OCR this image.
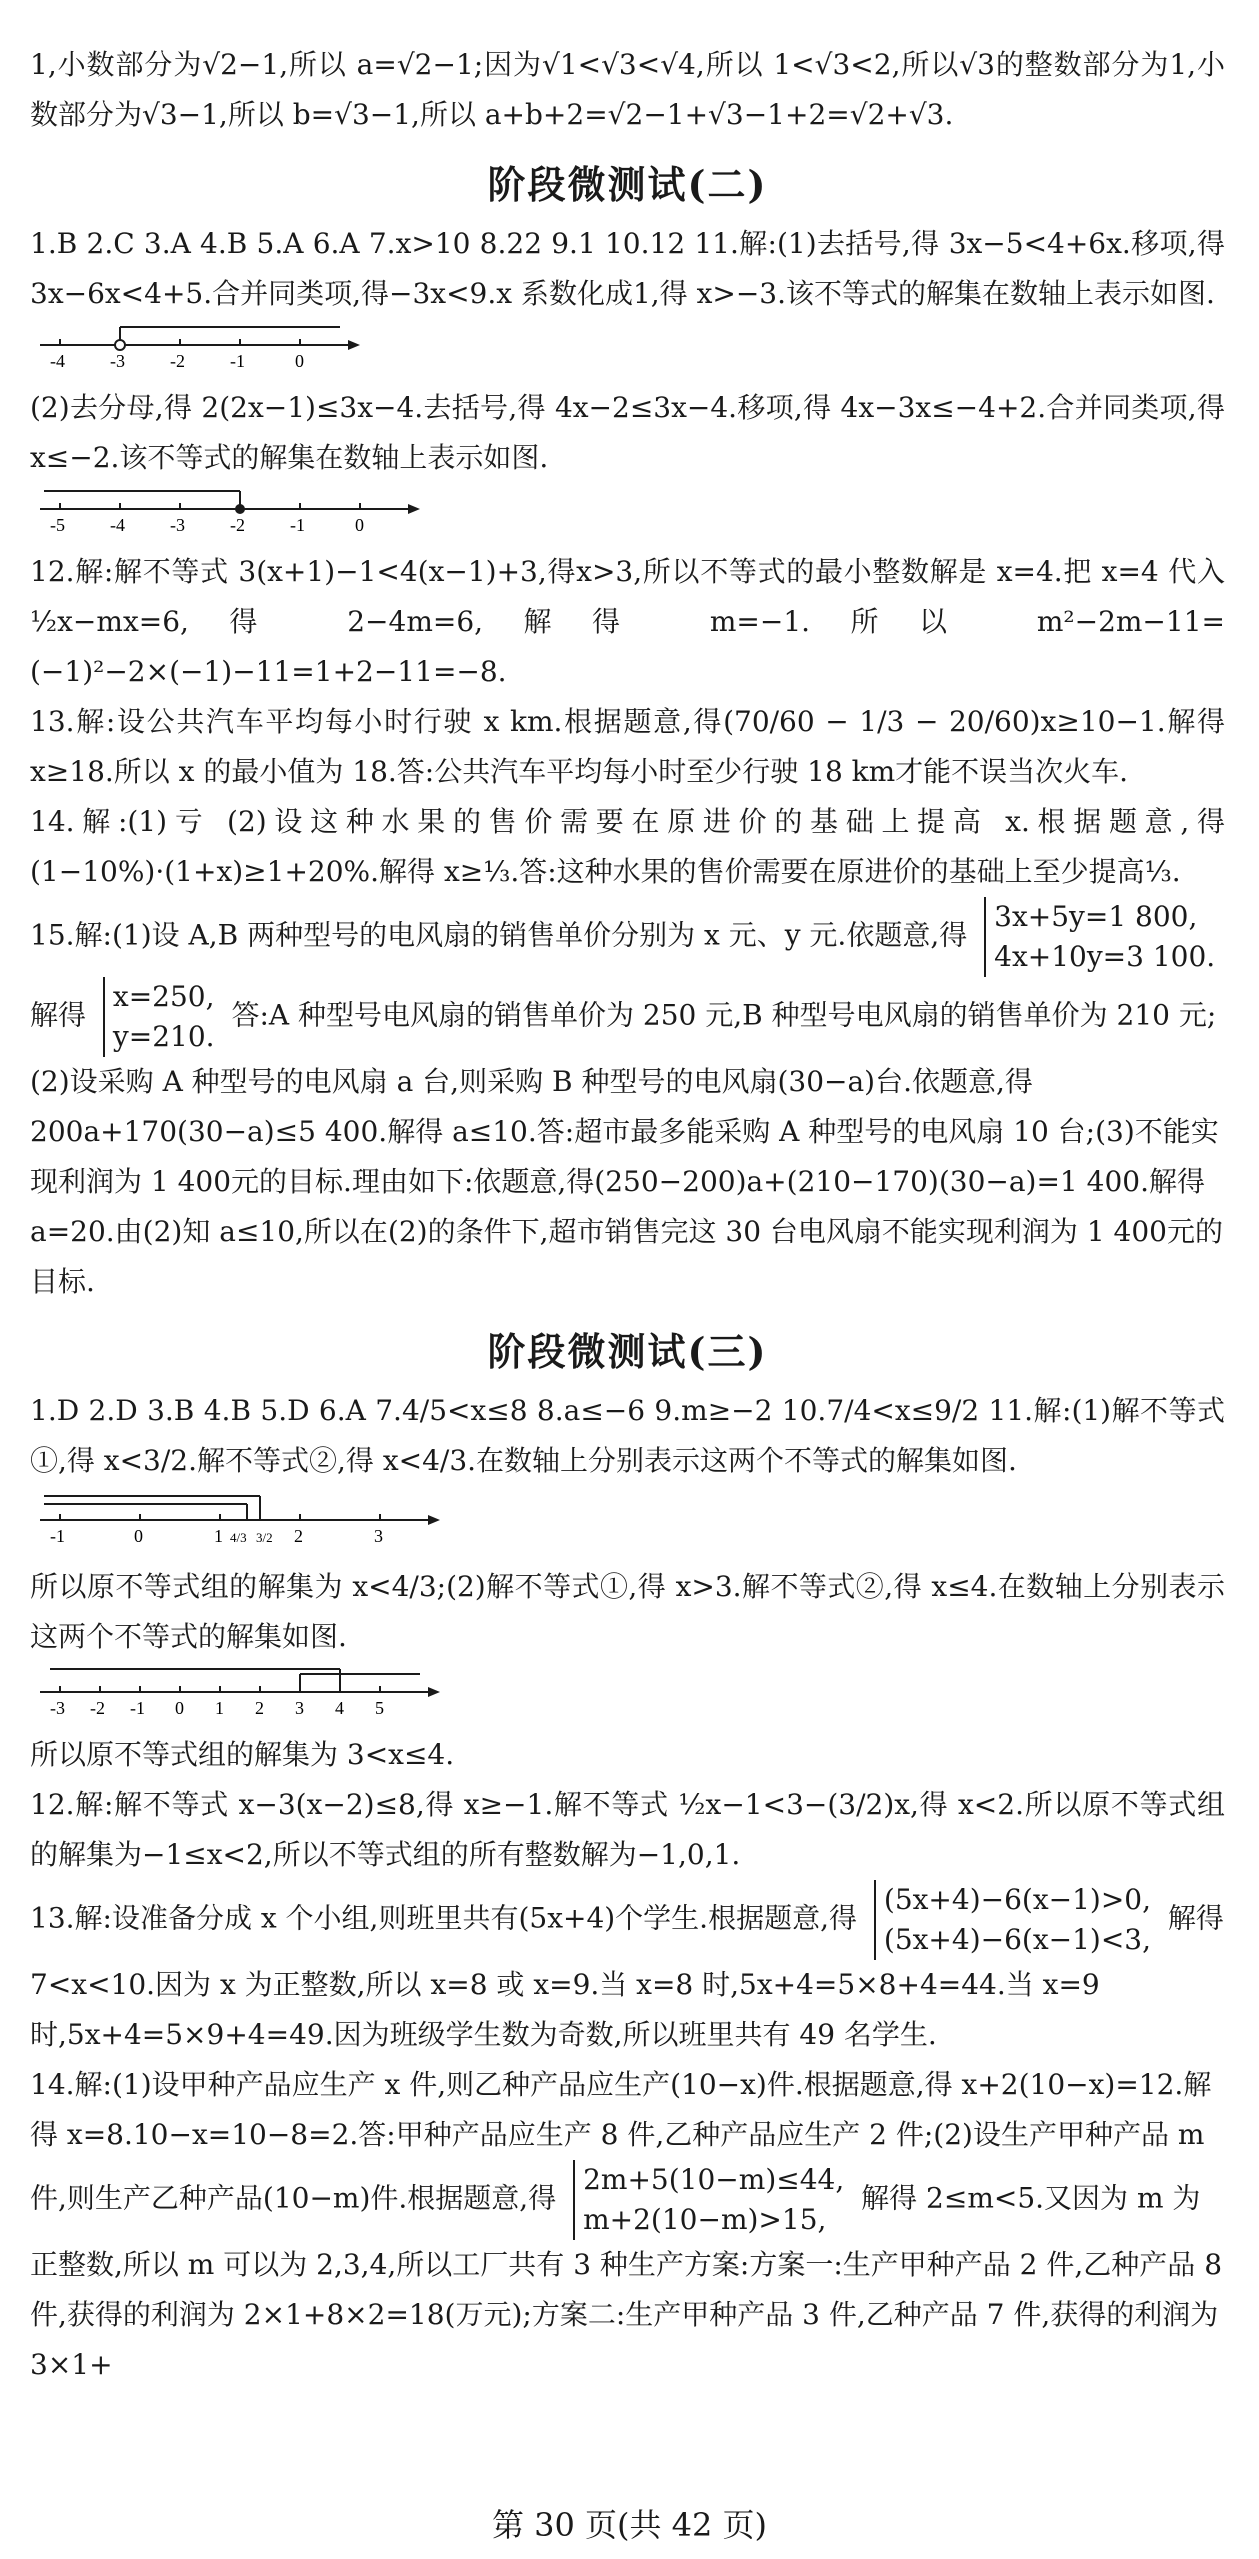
1,小数部分为√2−1,所以 a=√2−1;因为√1<√3<√4,所以 1<√3<2,所以√3的整数部分为1,小数部分为√3−1,所以 b=√3−1,所以 a+b+2=√2−1+√3−1+2=√2+√3.

阶段微测试(二)

1.B 2.C 3.A 4.B 5.A 6.A 7.x>10 8.22 9.1 10.12 11.解:(1)去括号,得 3x−5<4+6x.移项,得 3x−6x<4+5.合并同类项,得−3x<9.x 系数化成1,得 x>−3.该不等式的解集在数轴上表示如图.

-4	-3	-2	-1	0

(2)去分母,得 2(2x−1)≤3x−4.去括号,得 4x−2≤3x−4.移项,得 4x−3x≤−4+2.合并同类项,得 x≤−2.该不等式的解集在数轴上表示如图.

-5	-4	-3	-2	-1	0

12.解:解不等式 3(x+1)−1<4(x−1)+3,得x>3,所以不等式的最小整数解是 x=4.把 x=4 代入 ½x−mx=6,得 2−4m=6,解得 m=−1.所以 m²−2m−11=(−1)²−2×(−1)−11=1+2−11=−8.

13.解:设公共汽车平均每小时行驶 x km.根据题意,得(70/60 − 1/3 − 20/60)x≥10−1.解得 x≥18.所以 x 的最小值为 18.答:公共汽车平均每小时至少行驶 18 km才能不误当次火车.

14.解:(1)亏 (2)设这种水果的售价需要在原进价的基础上提高 x.根据题意,得(1−10%)·(1+x)≥1+20%.解得 x≥⅓.答:这种水果的售价需要在原进价的基础上至少提高⅓.

15.解:(1)设 A,B 两种型号的电风扇的销售单价分别为 x 元、y 元.依题意,得
3x+5y=1 800,
4x+10y=3 100.
解得
x=250,
y=210.
答:A 种型号电风扇的销售单价为 250 元,B 种型号电风扇的销售单价为 210 元;(2)设采购 A 种型号的电风扇 a 台,则采购 B 种型号的电风扇(30−a)台.依题意,得 200a+170(30−a)≤5 400.解得 a≤10.答:超市最多能采购 A 种型号的电风扇 10 台;(3)不能实现利润为 1 400元的目标.理由如下:依题意,得(250−200)a+(210−170)(30−a)=1 400.解得 a=20.由(2)知 a≤10,所以在(2)的条件下,超市销售完这 30 台电风扇不能实现利润为 1 400元的目标.

阶段微测试(三)

1.D 2.D 3.B 4.B 5.D 6.A 7.4/5<x≤8 8.a≤−6 9.m≥−2 10.7/4<x≤9/2 11.解:(1)解不等式①,得 x<3/2.解不等式②,得 x<4/3.在数轴上分别表示这两个不等式的解集如图.

-1	0	1 4/3 3/2 2	3

所以原不等式组的解集为 x<4/3;(2)解不等式①,得 x>3.解不等式②,得 x≤4.在数轴上分别表示这两个不等式的解集如图.

-3 -2 -1 0 1 2 3 4 5

所以原不等式组的解集为 3<x≤4.

12.解:解不等式 x−3(x−2)≤8,得 x≥−1.解不等式 ½x−1<3−(3/2)x,得 x<2.所以原不等式组的解集为−1≤x<2,所以不等式组的所有整数解为−1,0,1.

13.解:设准备分成 x 个小组,则班里共有(5x+4)个学生.根据题意,得
(5x+4)−6(x−1)>0,
(5x+4)−6(x−1)<3,
解得 7<x<10.因为 x 为正整数,所以 x=8 或 x=9.当 x=8 时,5x+4=5×8+4=44.当 x=9 时,5x+4=5×9+4=49.因为班级学生数为奇数,所以班里共有 49 名学生.

14.解:(1)设甲种产品应生产 x 件,则乙种产品应生产(10−x)件.根据题意,得 x+2(10−x)=12.解得 x=8.10−x=10−8=2.答:甲种产品应生产 8 件,乙种产品应生产 2 件;(2)设生产甲种产品 m 件,则生产乙种产品(10−m)件.根据题意,得
2m+5(10−m)≤44,
m+2(10−m)>15,
解得 2≤m<5.又因为 m 为正整数,所以 m 可以为 2,3,4,所以工厂共有 3 种生产方案:方案一:生产甲种产品 2 件,乙种产品 8 件,获得的利润为 2×1+8×2=18(万元);方案二:生产甲种产品 3 件,乙种产品 7 件,获得的利润为 3×1+

第 30 页(共 42 页)
